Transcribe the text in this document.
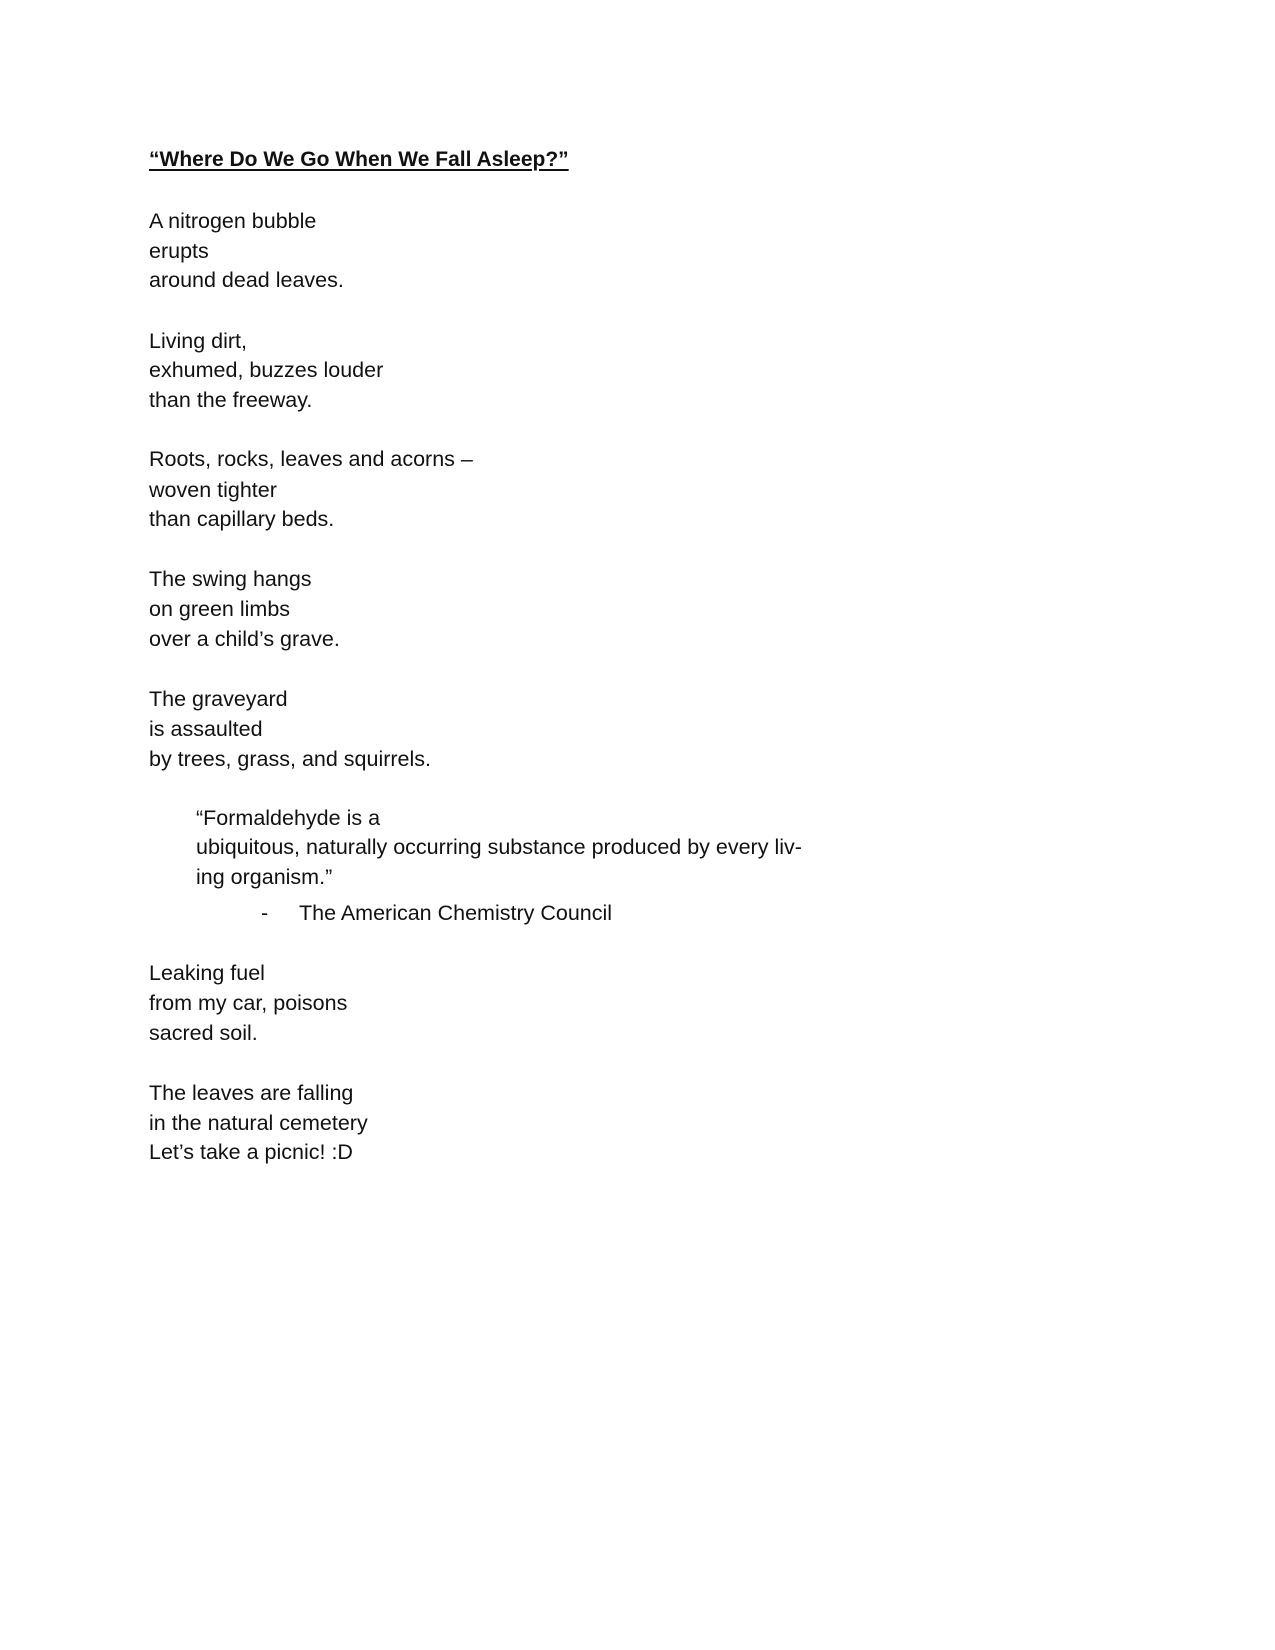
“Where Do We Go When We Fall Asleep?”

A nitrogen bubble

erupts

around dead leaves.

Living dirt,

exhumed, buzzes louder

than the freeway.

Roots, rocks, leaves and acorns –

woven tighter

than capillary beds.

The swing hangs

on green limbs

over a child’s grave.

The graveyard

is assaulted

by trees, grass, and squirrels.

“Formaldehyde is a

ubiquitous, naturally occurring substance produced by every liv-

ing organism.”

- The American Chemistry Council

Leaking fuel

from my car, poisons

sacred soil.

The leaves are falling

in the natural cemetery

Let’s take a picnic! :D
